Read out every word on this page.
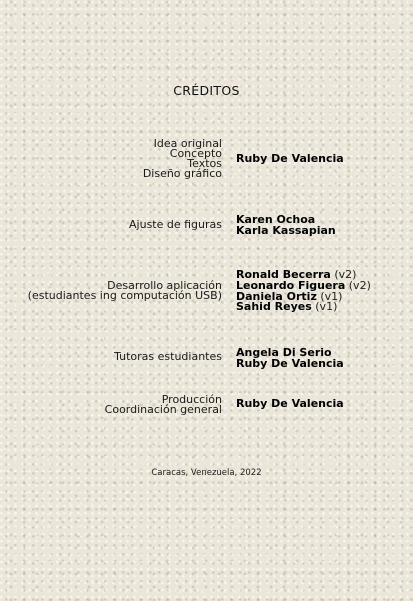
CRÉDITOS
Idea original
Concepto
Textos
Diseño gráfico
Ruby De Valencia
Ajuste de figuras Karen Ochoa
Karla Kassapian
Desarrollo aplicación
(estudiantes ing computación USB)
Ronald Becerra (v2)
Leonardo Figuera (v2)
Daniela Ortiz (v1)
Sahid Reyes (v1)
Tutoras estudiantes Angela Di Serio
Ruby De Valencia
Producción
Coordinación general Ruby De Valencia
Caracas, Venezuela, 2022
